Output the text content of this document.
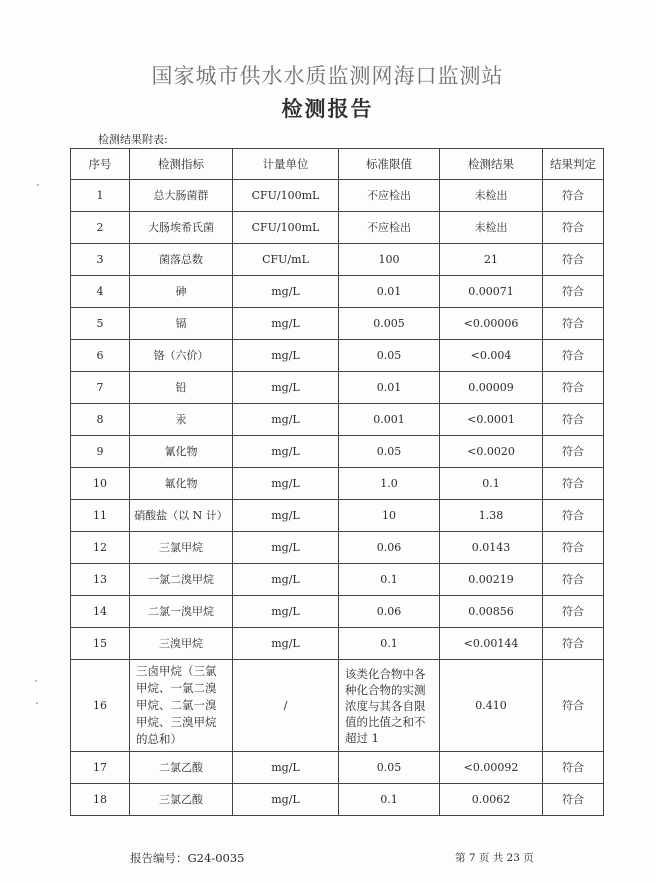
国家城市供水水质监测网海口监测站
检测报告
检测结果附表:
序号	检测指标	计量单位	标准限值	检测结果	结果判定
1	总大肠菌群	CFU/100mL	不应检出	未检出	符合
2	大肠埃希氏菌	CFU/100mL	不应检出	未检出	符合
3	菌落总数	CFU/mL	100	21	符合
4	砷	mg/L	0.01	0.00071	符合
5	镉	mg/L	0.005	<0.00006	符合
6	铬（六价）	mg/L	0.05	<0.004	符合
7	铅	mg/L	0.01	0.00009	符合
8	汞	mg/L	0.001	<0.0001	符合
9	氰化物	mg/L	0.05	<0.0020	符合
10	氟化物	mg/L	1.0	0.1	符合
11	硝酸盐（以 N 计）	mg/L	10	1.38	符合
12	三氯甲烷	mg/L	0.06	0.0143	符合
13	一氯二溴甲烷	mg/L	0.1	0.00219	符合
14	二氯一溴甲烷	mg/L	0.06	0.00856	符合
15	三溴甲烷	mg/L	0.1	<0.00144	符合
16	三卤甲烷（三氯甲烷、一氯二溴甲烷、二氯一溴甲烷、三溴甲烷的总和）	/	该类化合物中各种化合物的实测浓度与其各自限值的比值之和不超过 1	0.410	符合
17	二氯乙酸	mg/L	0.05	<0.00092	符合
18	三氯乙酸	mg/L	0.1	0.0062	符合
报告编号：G24-0035	第 7 页 共 23 页
